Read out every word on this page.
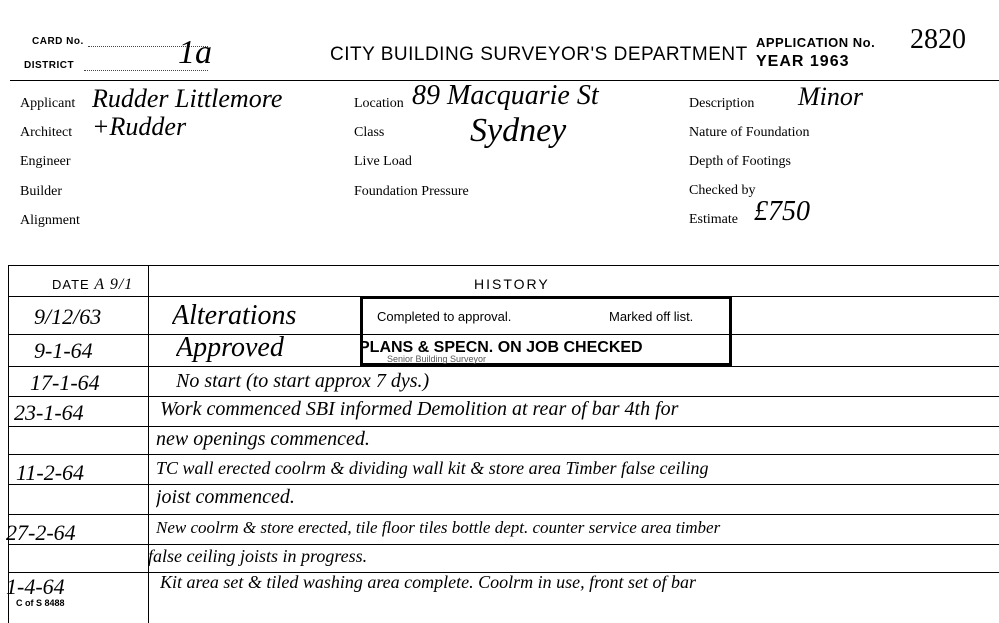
CARD No.
DISTRICT	1a	CITY BUILDING SURVEYOR'S DEPARTMENT
APPLICATION No. 2820
YEAR 1963
Applicant Rudder Littlemore
Architect +Rudder
Engineer
Builder
Alignment
Location 89 Macquarie St
Class	Sydney
Live Load
Foundation Pressure
Description Minor
Nature of Foundation
Depth of Footings
Checked by
Estimate £750
DATE A 9/1	HISTORY
9/12/63	Alterations
9-1-64	Approved
17-1-64	No start (to start approx 7 dys.)
23-1-64	Work commenced SBI informed Demolition at rear of bar 4th for
new openings commenced.
11-2-64	TC wall erected coolrm & dividing wall kit & store area Timber false ceiling
joist commenced.
27-2-64	New coolrm & store erected, tile floor tiles bottle dept. counter service area timber
false ceiling joists in progress.
1-4-64	Kit area set & tiled washing area complete. Coolrm in use, front set of bar
Completed to approval.	Marked off list.
PLANS & SPECN. ON JOB CHECKED
Senior Building Surveyor
C of S 8488
